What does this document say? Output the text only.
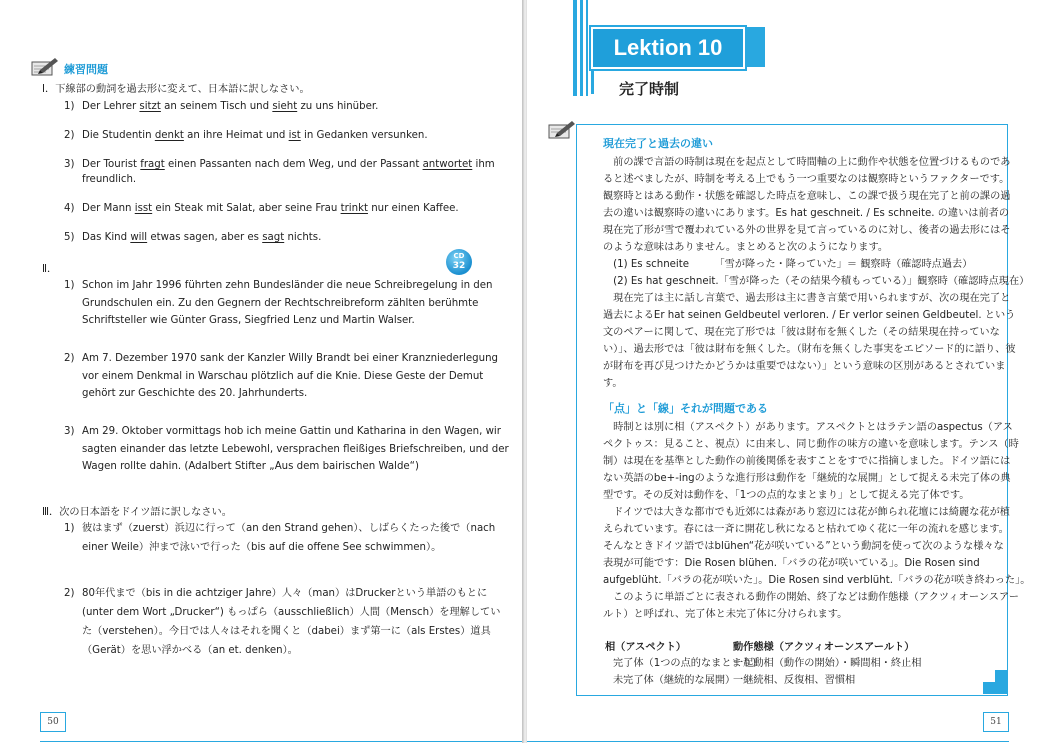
練習問題
Ⅰ．下線部の動詞を過去形に変えて、日本語に訳しなさい。
Ⅱ．
CD
32
Ⅲ．次の日本語をドイツ語に訳しなさい。
50
1) Der Lehrer sitzt an seinem Tisch und sieht zu uns hinüber.
2) Die Studentin denkt an ihre Heimat und ist in Gedanken versunken.
3) Der Tourist fragt einen Passanten nach dem Weg, und der Passant antwortet ihm
freundlich.
4) Der Mann isst ein Steak mit Salat, aber seine Frau trinkt nur einen Kaffee.
5) Das Kind will etwas sagen, aber es sagt nichts.
1) Schon im Jahr 1996 führten zehn Bundesländer die neue Schreibregelung in den
Grundschulen ein. Zu den Gegnern der Rechtschreibreform zählten berühmte
Schriftsteller wie Günter Grass, Siegfried Lenz und Martin Walser.
2) Am 7. Dezember 1970 sank der Kanzler Willy Brandt bei einer Kranzniederlegung
vor einem Denkmal in Warschau plötzlich auf die Knie. Diese Geste der Demut
gehört zur Geschichte des 20. Jahrhunderts.
3) Am 29. Oktober vormittags hob ich meine Gattin und Katharina in den Wagen, wir
sagten einander das letzte Lebewohl, versprachen fleißiges Briefschreiben, und der
Wagen rollte dahin. (Adalbert Stifter „Aus dem bairischen Walde“)
1) 彼はまず（zuerst）浜辺に行って（an den Strand gehen）、しばらくたった後で（nach
einer Weile）沖まで泳いで行った（bis auf die offene See schwimmen）。
2) 80年代まで（bis in die achtziger Jahre）人々（man）はDruckerという単語のもとに
(unter dem Wort „Drucker“) もっぱら（ausschließlich）人間（Mensch）を理解してい
た（verstehen）。今日では人々はそれを聞くと（dabei）まず第一に（als Erstes）道具
（Gerät）を思い浮かべる（an et. denken）。
Lektion 10
完了時制
現在完了と過去の違い
　前の課で言語の時制は現在を起点として時間軸の上に動作や状態を位置づけるものであ
ると述べましたが、時制を考える上でもう一つ重要なのは観察時というファクターです。
観察時とはある動作・状態を確認した時点を意味し、この課で扱う現在完了と前の課の過
去の違いは観察時の違いにあります。Es hat geschneit. / Es schneite. の違いは前者の
現在完了形が雪で覆われている外の世界を見て言っているのに対し、後者の過去形にはそ
のような意味はありません。まとめると次のようになります。
　(1) Es schneite　　　「雪が降った・降っていた」＝ 観察時（確認時点過去）
　(2) Es hat geschneit.「雪が降った（その結果今積もっている）」観察時（確認時点現在）
　現在完了は主に話し言葉で、過去形は主に書き言葉で用いられますが、次の現在完了と
過去によるEr hat seinen Geldbeutel verloren. / Er verlor seinen Geldbeutel. という
文のペアーに関して、現在完了形では「彼は財布を無くした（その結果現在持っていな
い）」、過去形では「彼は財布を無くした。（財布を無くした事実をエピソード的に語り、彼
が財布を再び見つけたかどうかは重要ではない）」という意味の区別があるとされていま
す。
「点」と「線」それが問題である
　時制とは別に相（アスペクト）があります。アスペクトとはラテン語のaspectus（アス
ペクトゥス：見ること、視点）に由来し、同じ動作の味方の違いを意味します。テンス（時
制）は現在を基準とした動作の前後関係を表すことをすでに指摘しました。ドイツ語には
ない英語のbe+-ingのような進行形は動作を「継続的な展開」として捉える未完了体の典
型です。その反対は動作を、「1つの点的なまとまり」として捉える完了体です。
　ドイツでは大きな都市でも近郊には森があり窓辺には花が飾られ花壇には綺麗な花が植
えられています。春には一斉に開花し秋になると枯れてゆく花に一年の流れを感じます。
そんなときドイツ語ではblühen“花が咲いている”という動詞を使って次のような様々な
表現が可能です：Die Rosen blühen.「バラの花が咲いている」。Die Rosen sind
aufgeblüht.「バラの花が咲いた」。Die Rosen sind verblüht.「バラの花が咲き終わった」。
　このように単語ごとに表される動作の開始、終了などは動作態様（アクツィオーンスアー
ルト）と呼ばれ、完了体と未完了体に分けられます。
相（アスペクト）	動作態様（アクツィオーンスアールト）
完了体（1つの点的なまとまり）
一起動相（動作の開始）・瞬間相・終止相
未完了体（継続的な展開）
一継続相、反復相、習慣相
51
